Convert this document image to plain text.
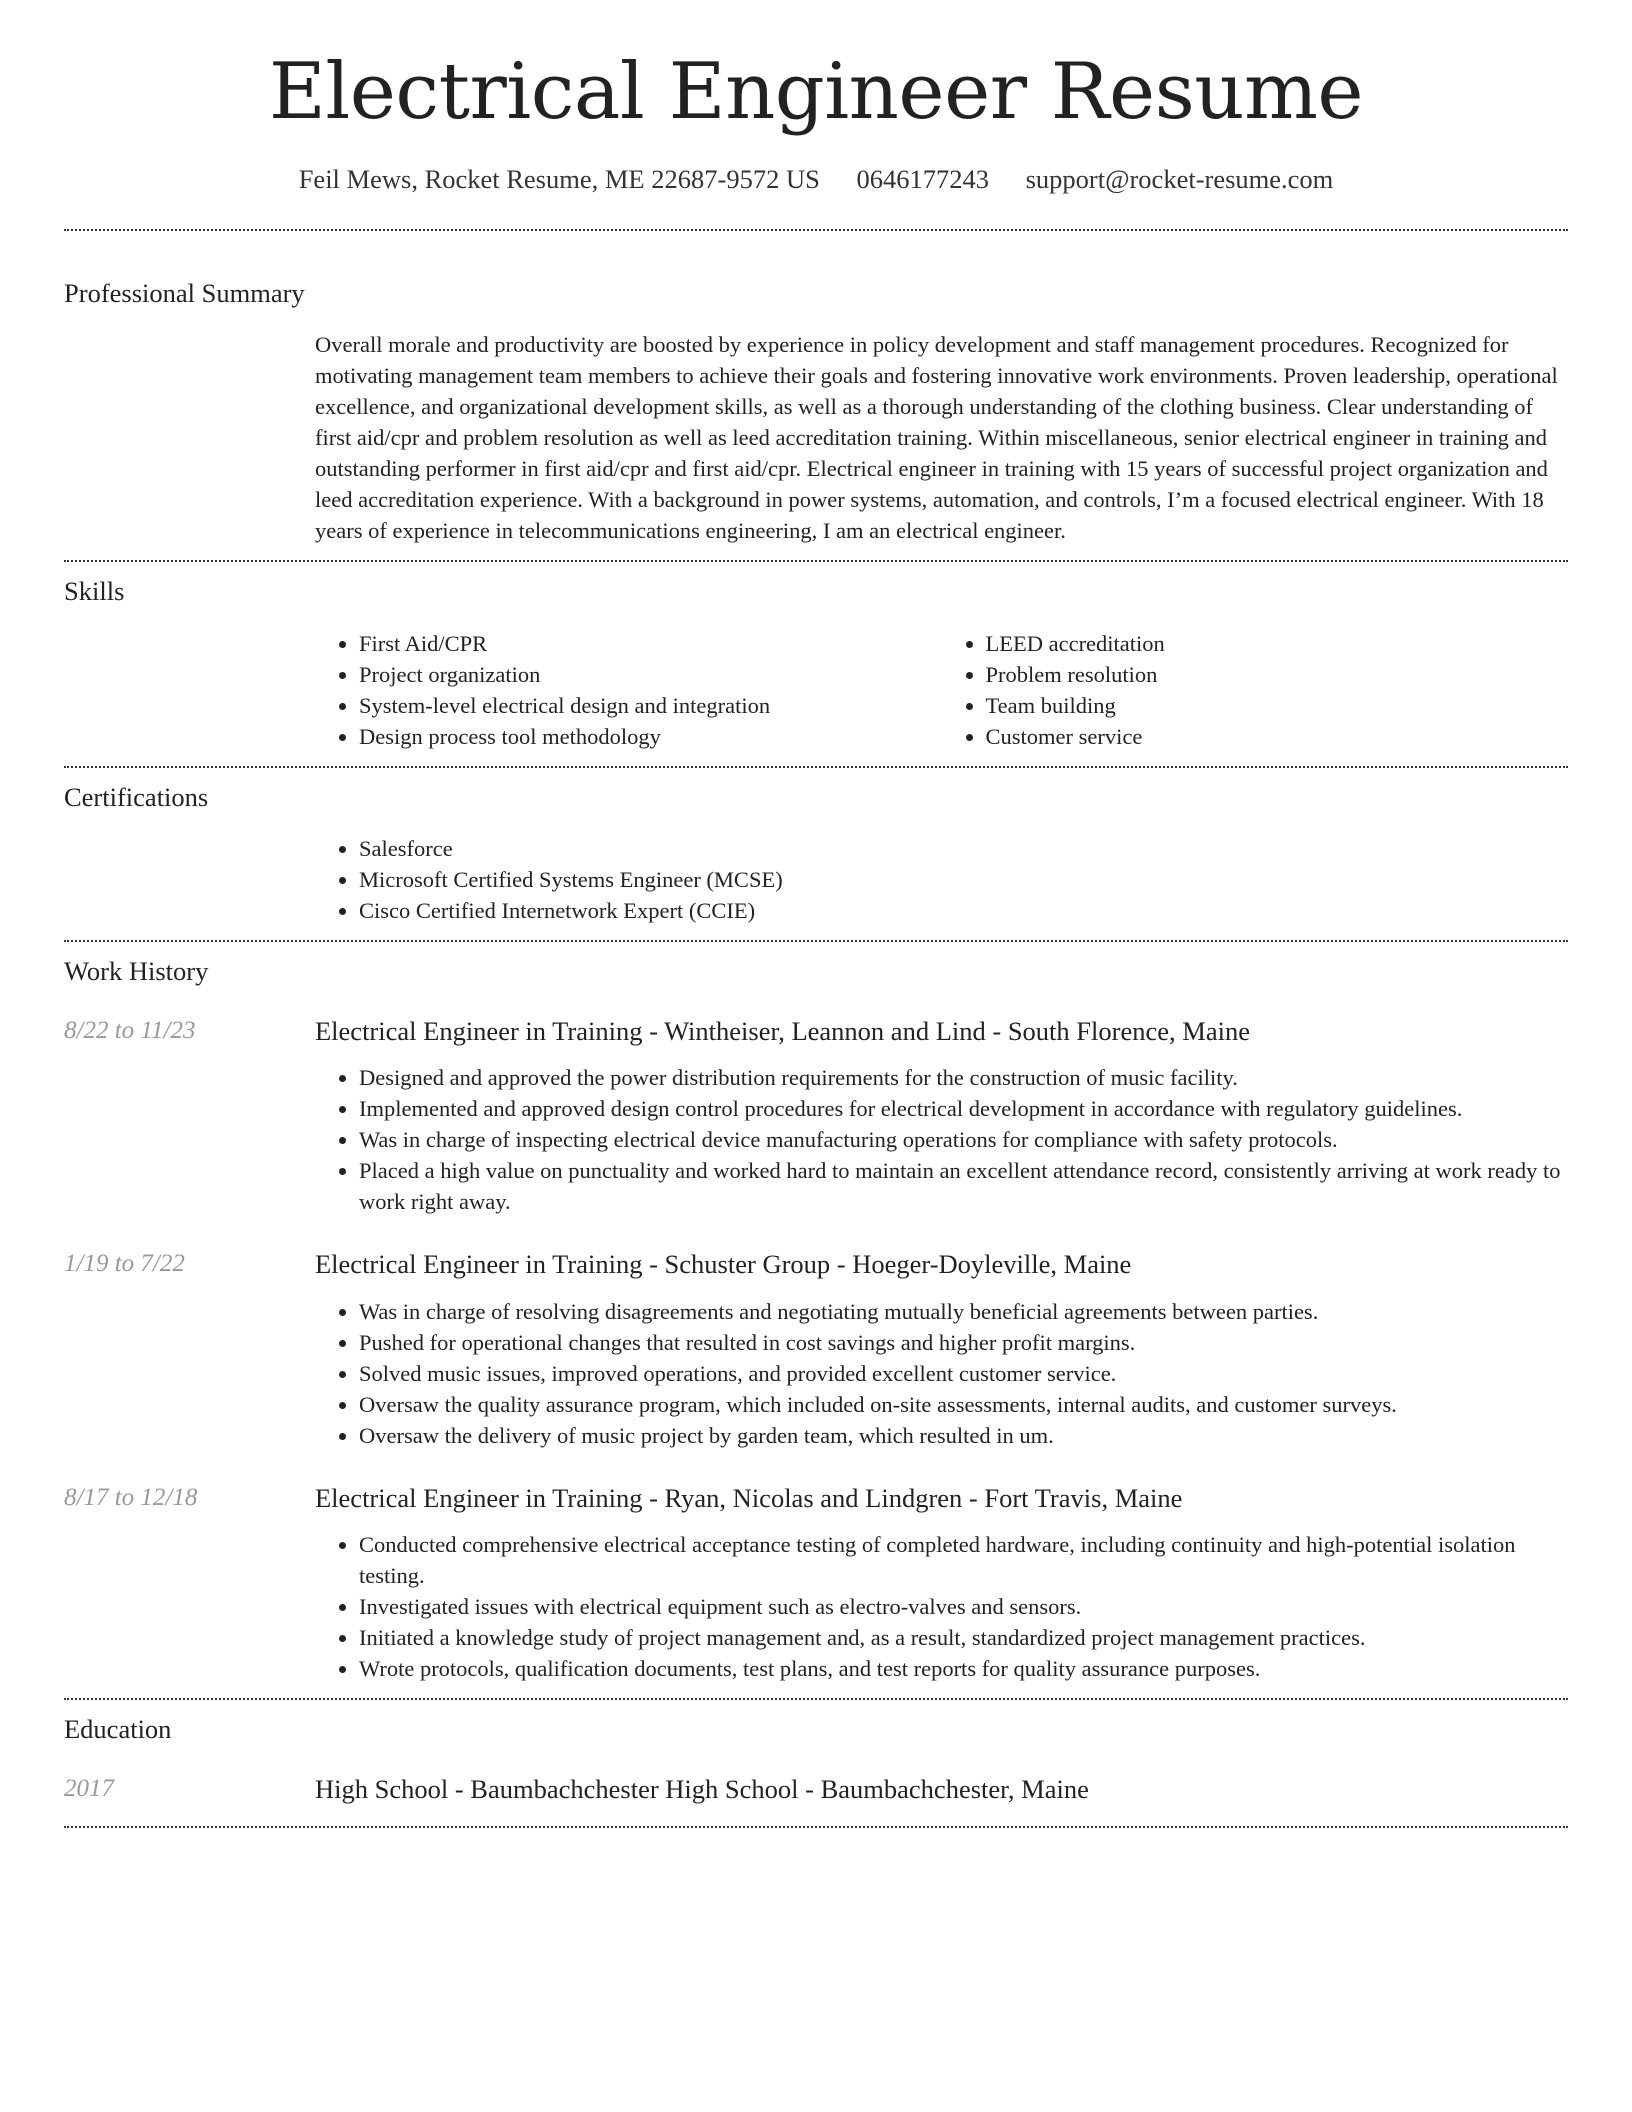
Electrical Engineer Resume
Feil Mews, Rocket Resume, ME 22687-9572 US 0646177243 support@rocket-resume.com
Professional Summary
Overall morale and productivity are boosted by experience in policy development and staff management procedures. Recognized for motivating management team members to achieve their goals and fostering innovative work environments. Proven leadership, operational excellence, and organizational development skills, as well as a thorough understanding of the clothing business. Clear understanding of first aid/cpr and problem resolution as well as leed accreditation training. Within miscellaneous, senior electrical engineer in training and outstanding performer in first aid/cpr and first aid/cpr. Electrical engineer in training with 15 years of successful project organization and leed accreditation experience. With a background in power systems, automation, and controls, I’m a focused electrical engineer. With 18 years of experience in telecommunications engineering, I am an electrical engineer.
Skills
• First Aid/CPR
• Project organization
• System-level electrical design and integration
• Design process tool methodology
• LEED accreditation
• Problem resolution
• Team building
• Customer service
Certifications
• Salesforce
• Microsoft Certified Systems Engineer (MCSE)
• Cisco Certified Internetwork Expert (CCIE)
Work History
8/22 to 11/23	Electrical Engineer in Training - Wintheiser, Leannon and Lind - South Florence, Maine
• Designed and approved the power distribution requirements for the construction of music facility.
• Implemented and approved design control procedures for electrical development in accordance with regulatory guidelines.
• Was in charge of inspecting electrical device manufacturing operations for compliance with safety protocols.
• Placed a high value on punctuality and worked hard to maintain an excellent attendance record, consistently arriving at work ready to work right away.
1/19 to 7/22	Electrical Engineer in Training - Schuster Group - Hoeger-Doyleville, Maine
• Was in charge of resolving disagreements and negotiating mutually beneficial agreements between parties.
• Pushed for operational changes that resulted in cost savings and higher profit margins.
• Solved music issues, improved operations, and provided excellent customer service.
• Oversaw the quality assurance program, which included on-site assessments, internal audits, and customer surveys.
• Oversaw the delivery of music project by garden team, which resulted in um.
8/17 to 12/18	Electrical Engineer in Training - Ryan, Nicolas and Lindgren - Fort Travis, Maine
• Conducted comprehensive electrical acceptance testing of completed hardware, including continuity and high-potential isolation testing.
• Investigated issues with electrical equipment such as electro-valves and sensors.
• Initiated a knowledge study of project management and, as a result, standardized project management practices.
• Wrote protocols, qualification documents, test plans, and test reports for quality assurance purposes.
Education
2017	High School - Baumbachchester High School - Baumbachchester, Maine
